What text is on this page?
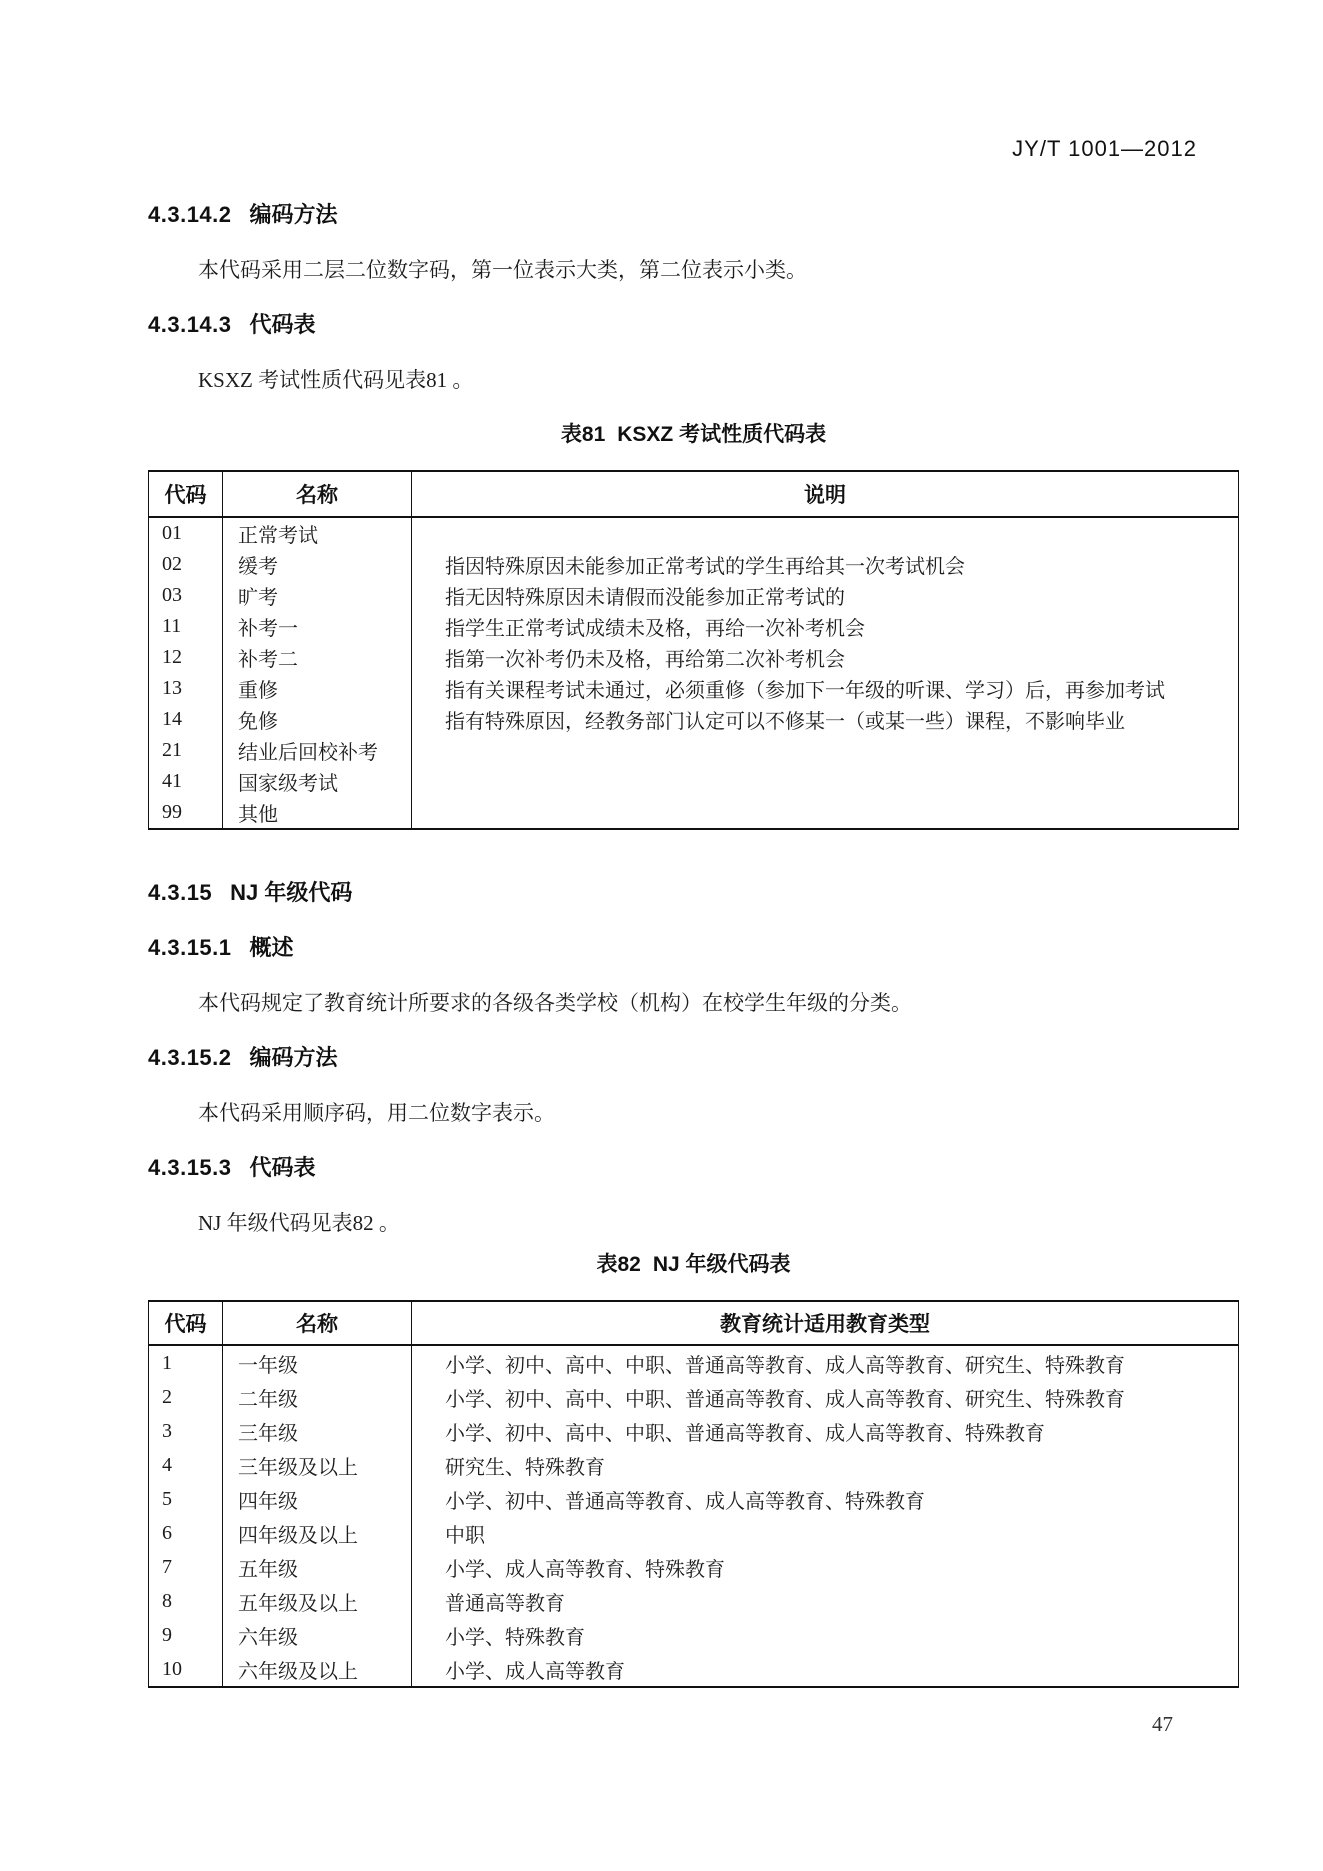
JY/T 1001—2012
4.3.14.2 编码方法
本代码采用二层二位数字码，第一位表示大类，第二位表示小类。
4.3.14.3 代码表
KSXZ 考试性质代码见表81 。
表81 KSXZ 考试性质代码表
代码	名称	说明
01	正常考试	
02	缓考	指因特殊原因未能参加正常考试的学生再给其一次考试机会
03	旷考	指无因特殊原因未请假而没能参加正常考试的
11	补考一	指学生正常考试成绩未及格，再给一次补考机会
12	补考二	指第一次补考仍未及格，再给第二次补考机会
13	重修	指有关课程考试未通过，必须重修（参加下一年级的听课、学习）后，再参加考试
14	免修	指有特殊原因，经教务部门认定可以不修某一（或某一些）课程，不影响毕业
21	结业后回校补考	
41	国家级考试	
99	其他	
4.3.15 NJ 年级代码
4.3.15.1 概述
本代码规定了教育统计所要求的各级各类学校（机构）在校学生年级的分类。
4.3.15.2 编码方法
本代码采用顺序码，用二位数字表示。
4.3.15.3 代码表
NJ 年级代码见表82 。
表82 NJ 年级代码表
代码	名称	教育统计适用教育类型
1	一年级	小学、初中、高中、中职、普通高等教育、成人高等教育、研究生、特殊教育
2	二年级	小学、初中、高中、中职、普通高等教育、成人高等教育、研究生、特殊教育
3	三年级	小学、初中、高中、中职、普通高等教育、成人高等教育、特殊教育
4	三年级及以上	研究生、特殊教育
5	四年级	小学、初中、普通高等教育、成人高等教育、特殊教育
6	四年级及以上	中职
7	五年级	小学、成人高等教育、特殊教育
8	五年级及以上	普通高等教育
9	六年级	小学、特殊教育
10	六年级及以上	小学、成人高等教育
47
